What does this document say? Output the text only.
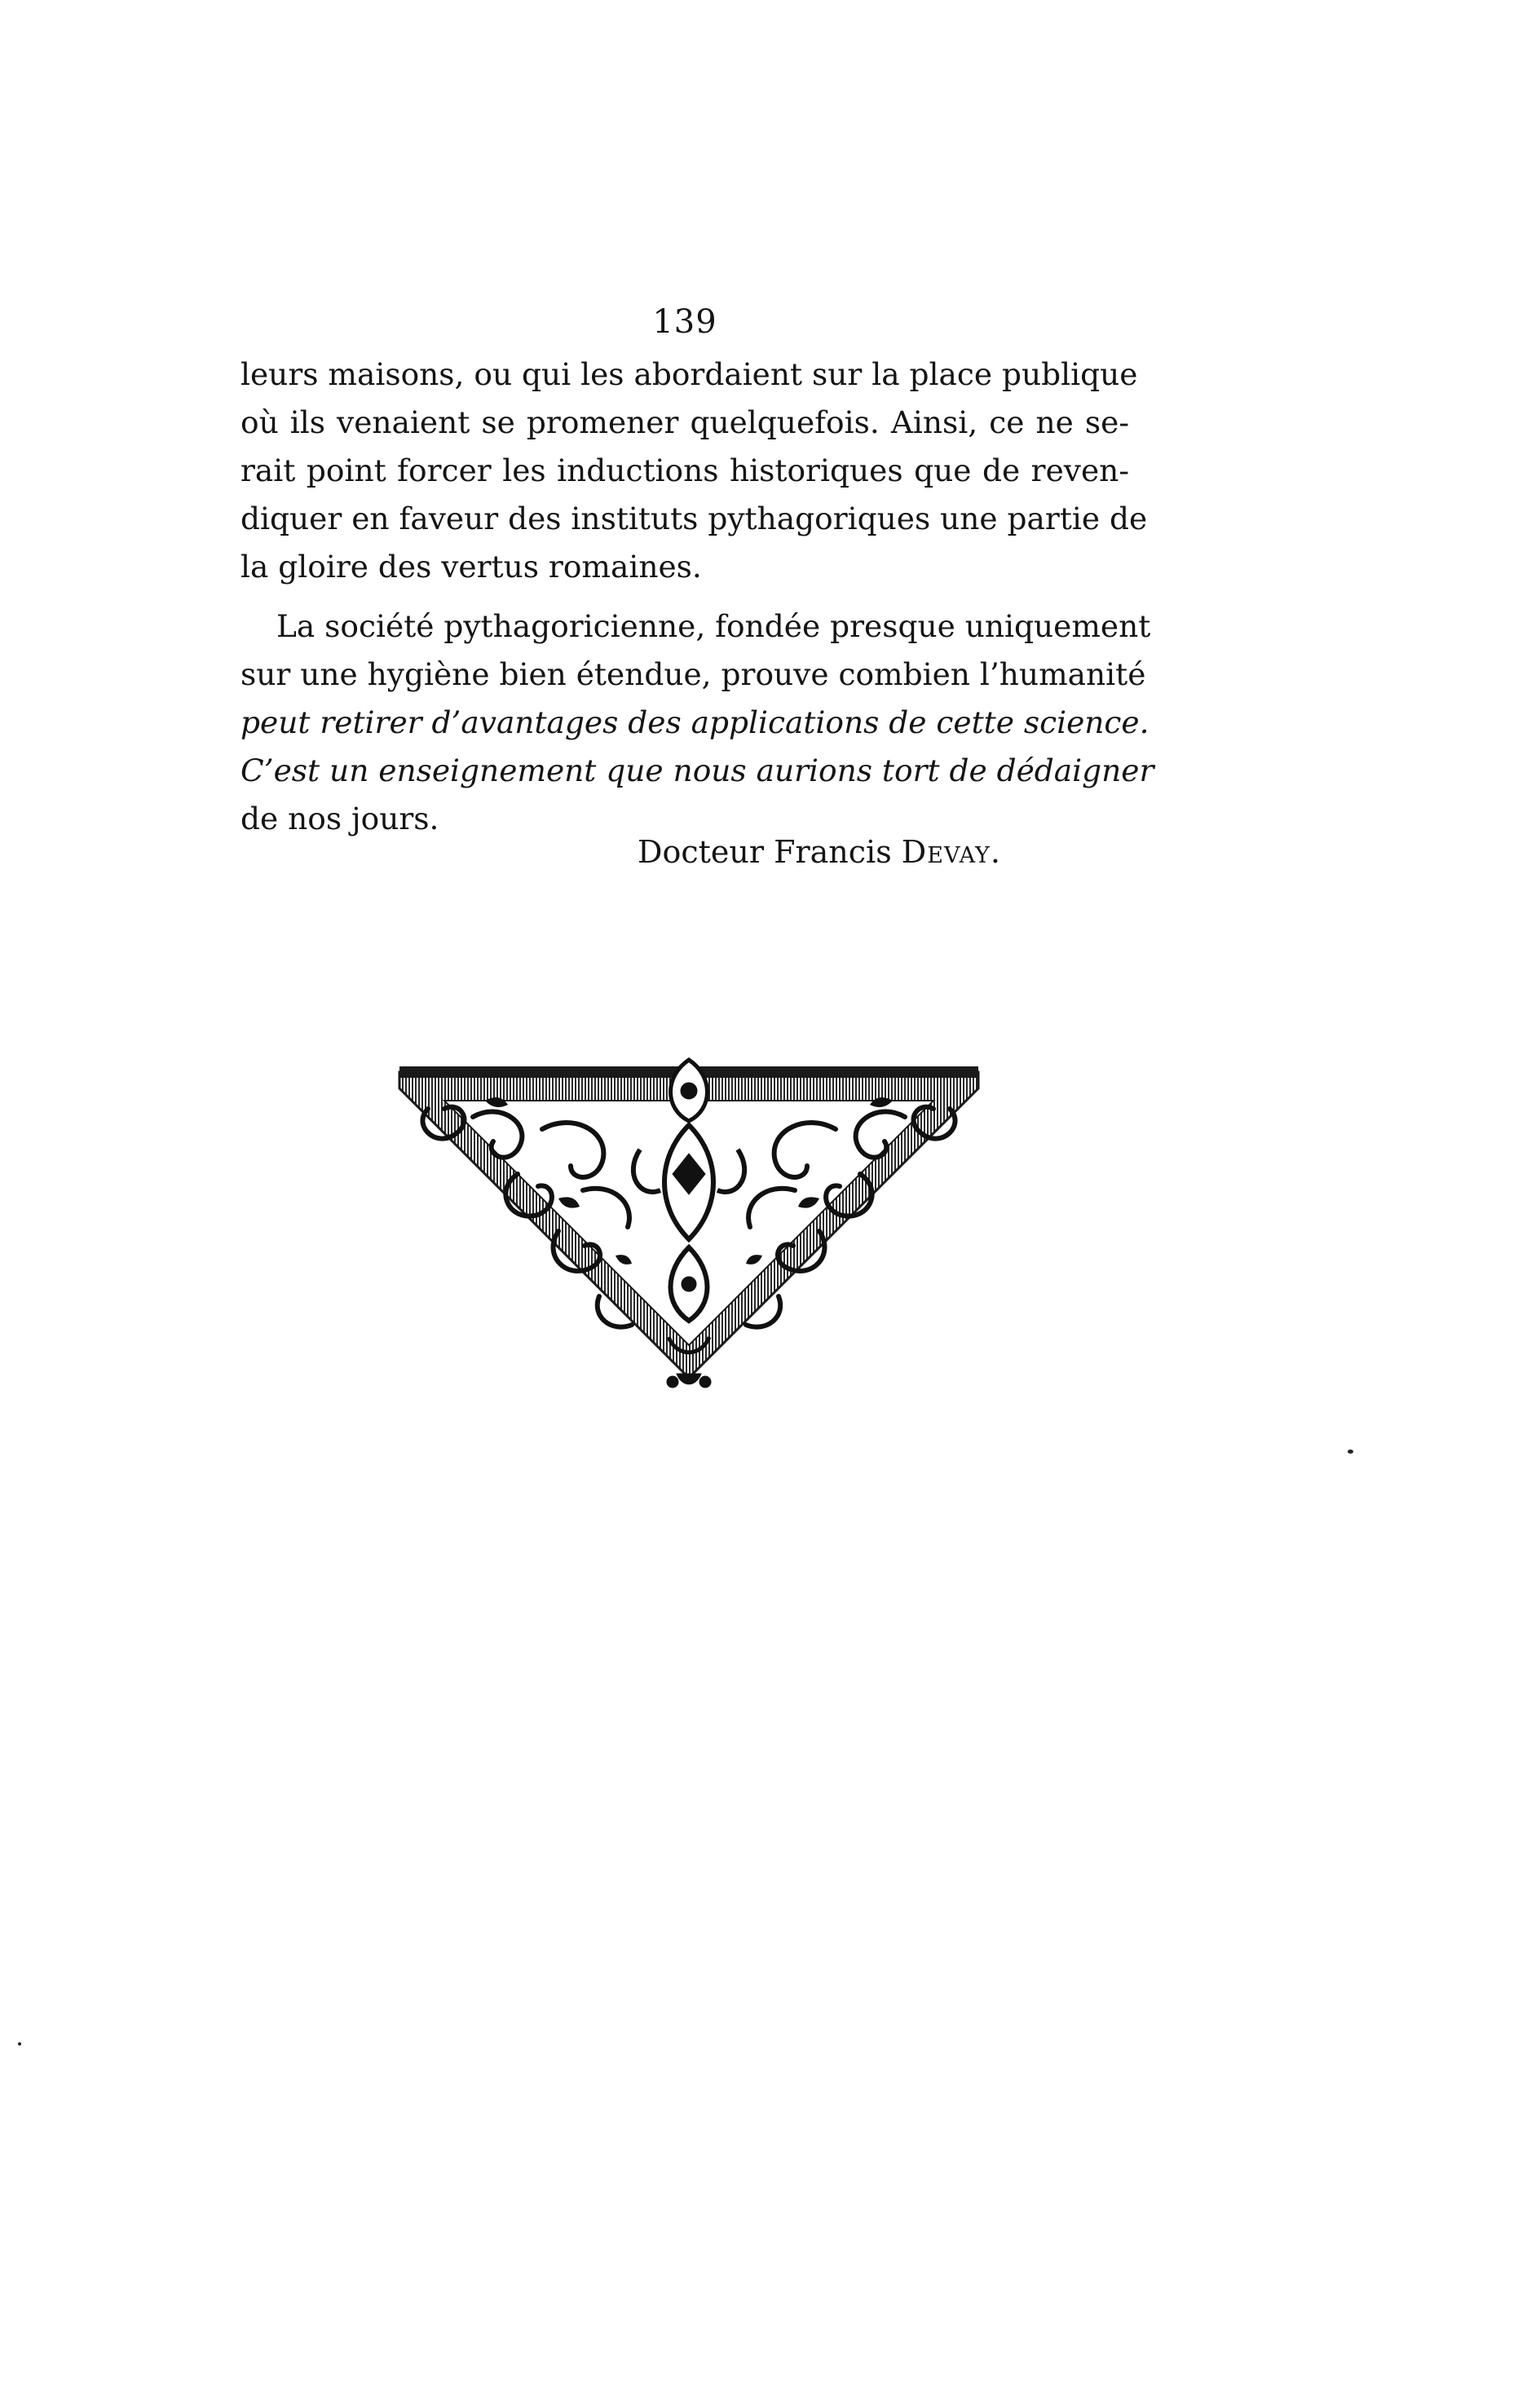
139
leurs maisons, ou qui les abordaient sur la place publique
où ils venaient se promener quelquefois. Ainsi, ce ne se-
rait point forcer les inductions historiques que de reven-
diquer en faveur des instituts pythagoriques une partie de
la gloire des vertus romaines.
La société pythagoricienne, fondée presque uniquement
sur une hygiène bien étendue, prouve combien l’humanité
peut retirer d’avantages des applications de cette science.
C’est un enseignement que nous aurions tort de dédaigner
de nos jours.
Docteur Francis Devay.
